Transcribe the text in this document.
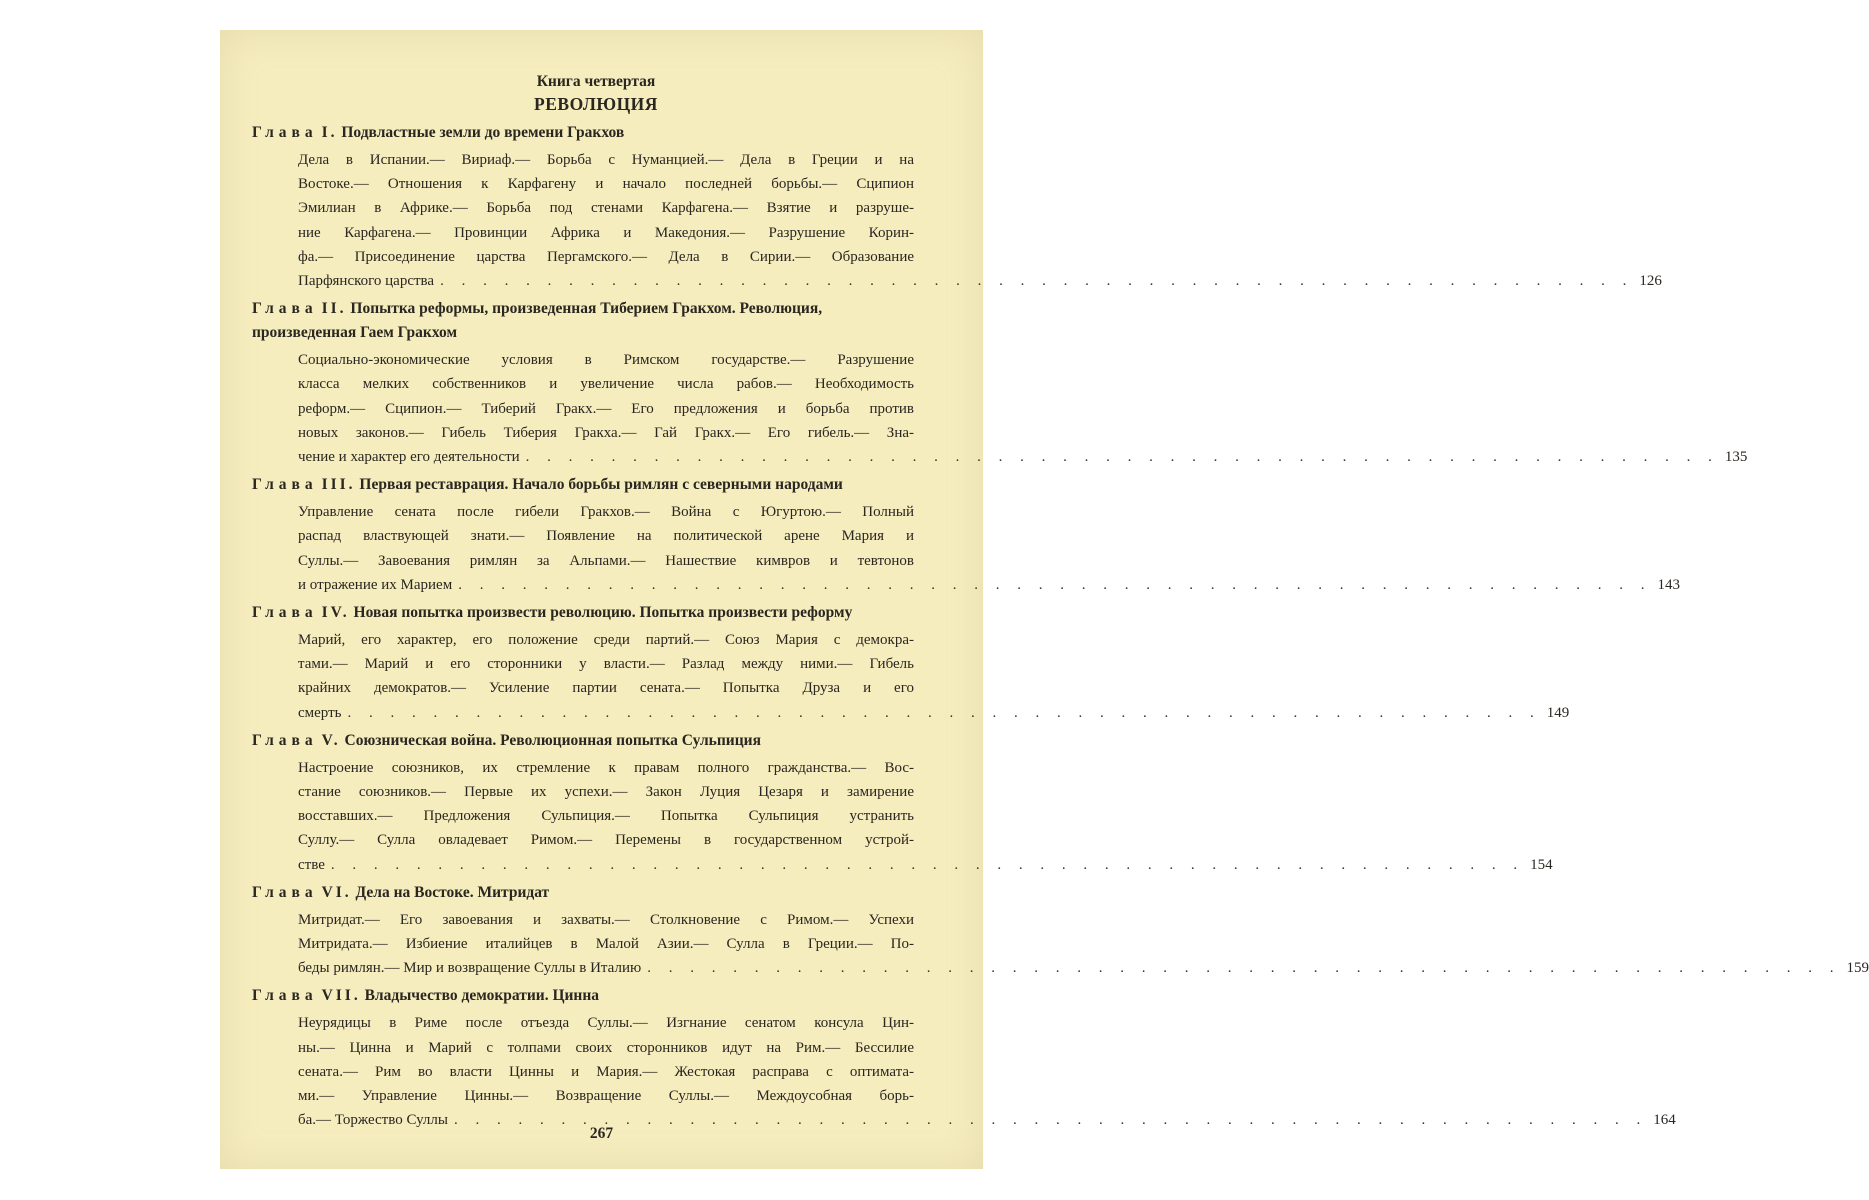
Книга четвертая
РЕВОЛЮЦИЯ
Глава I. Подвластные земли до времени Гракхов
Дела в Испании.— Вириаф.— Борьба с Нуманцией.— Дела в Греции и на
Востоке.— Отношения к Карфагену и начало последней борьбы.— Сципион
Эмилиан в Африке.— Борьба под стенами Карфагена.— Взятие и разруше-
ние Карфагена.— Провинции Африка и Македония.— Разрушение Корин-
фа.— Присоединение царства Пергамского.— Дела в Сирии.— Образование
Парфянского царства . . . . . . . . . . . . . . . . . . . . . . . . . . . . . . . . . . . . . . . . . . . . . . . . . . . . . . . . 126
Глава II. Попытка реформы, произведенная Тиберием Гракхом. Революция, произведенная Гаем Гракхом
Социально-экономические условия в Римском государстве.— Разрушение
класса мелких собственников и увеличение числа рабов.— Необходимость
реформ.— Сципион.— Тиберий Гракх.— Его предложения и борьба против
новых законов.— Гибель Тиберия Гракха.— Гай Гракх.— Его гибель.— Зна-
чение и характер его деятельности . . . . . . . . . . . . . . . . . . . . . . . . . . . . . . . . . . . . . . . . . . . . . . . . . . . . . . . . 135
Глава III. Первая реставрация. Начало борьбы римлян с северными народами
Управление сената после гибели Гракхов.— Война с Югуртою.— Полный
распад властвующей знати.— Появление на политической арене Мария и
Суллы.— Завоевания римлян за Альпами.— Нашествие кимвров и тевтонов
и отражение их Марием . . . . . . . . . . . . . . . . . . . . . . . . . . . . . . . . . . . . . . . . . . . . . . . . . . . . . . . . 143
Глава IV. Новая попытка произвести революцию. Попытка произвести реформу
Марий, его характер, его положение среди партий.— Союз Мария с демокра-
тами.— Марий и его сторонники у власти.— Разлад между ними.— Гибель
крайних демократов.— Усиление партии сената.— Попытка Друза и его
смерть . . . . . . . . . . . . . . . . . . . . . . . . . . . . . . . . . . . . . . . . . . . . . . . . . . . . . . . . 149
Глава V. Союзническая война. Революционная попытка Сульпиция
Настроение союзников, их стремление к правам полного гражданства.— Вос-
стание союзников.— Первые их успехи.— Закон Луция Цезаря и замирение
восставших.— Предложения Сульпиция.— Попытка Сульпиция устранить
Суллу.— Сулла овладевает Римом.— Перемены в государственном устрой-
стве . . . . . . . . . . . . . . . . . . . . . . . . . . . . . . . . . . . . . . . . . . . . . . . . . . . . . . . . 154
Глава VI. Дела на Востоке. Митридат
Митридат.— Его завоевания и захваты.— Столкновение с Римом.— Успехи
Митридата.— Избиение италийцев в Малой Азии.— Сулла в Греции.— По-
беды римлян.— Мир и возвращение Суллы в Италию . . . . . . . . . . . . . . . . . . . . . . . . . . . . . . . . . . . . . . . . . . . . . . . . . . . . . . . . 159
Глава VII. Владычество демократии. Цинна
Неурядицы в Риме после отъезда Суллы.— Изгнание сенатом консула Цин-
ны.— Цинна и Марий с толпами своих сторонников идут на Рим.— Бессилие
сената.— Рим во власти Цинны и Мария.— Жестокая расправа с оптимата-
ми.— Управление Цинны.— Возвращение Суллы.— Междоусобная борь-
ба.— Торжество Суллы . . . . . . . . . . . . . . . . . . . . . . . . . . . . . . . . . . . . . . . . . . . . . . . . . . . . . . . . 164
267
